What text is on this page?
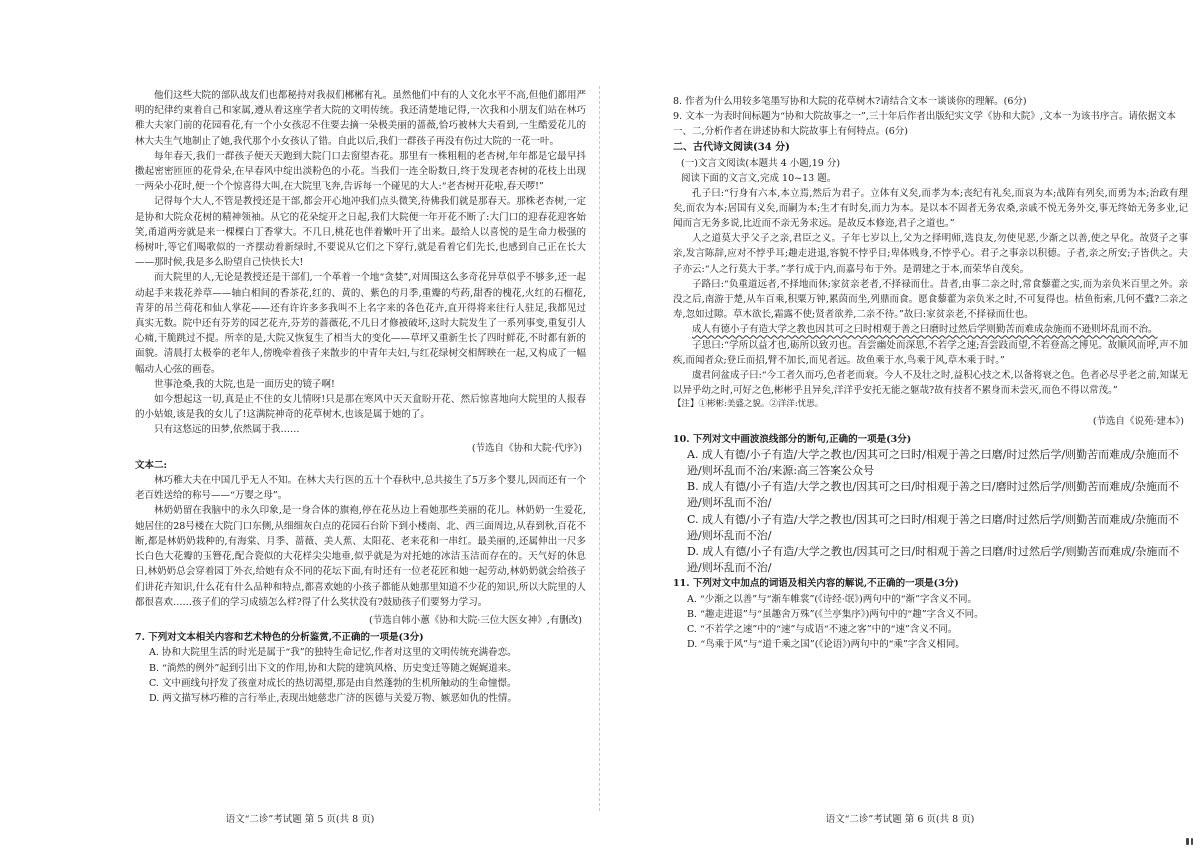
他们这些大院的部队战友们也都秘持对我叔们郴郴有礼。虽然他们中有的人文化水平不高,但他们都用严明的纪律约束着自己和家属,遵从着这座学者大院的文明传统。我还清楚地记得,一次我和小朋友们站在林巧稚大夫家门前的花园看花,有一个小女孩忍不住要去摘一朵极美丽的蔷薇,恰巧被林大夫看到,一生酷爱花儿的林大夫生气地制止了她,我代那个小女孩认了错。自此以后,我们一群孩子再没有伤过大院的一花一叶。

每年春天,我们一群孩子便天天跑到大院门口去窗望杏花。那里有一株粗粗的老杏树,年年都是它最早抖擞起密密匝匝的花骨朵,在早春风中绽出淡粉色的小花。当我们一连全盼数日,终于发现老杏树的花枝上出现一两朵小花时,便一个个惊喜得大叫,在大院里飞奔,告诉每一个碰见的大人:“老杏树开花啦,春天啰!”

记得每个大人,不管是教授还是干部,都会开心地冲我们点头微笑,待佛我们就是那春天。那株老杏树,一定是协和大院众花树的精神领袖。从它的花朵绽开之日起,我们大院便一年开花不断了:大门口的迎春花迎客始笑,甬道两旁就是来一棵棵白丁香掌大。不几日,桃花也伴着嫩叶开了出来。最给人以喜悦的是生命力极强的杨树叶,等它们喝歌似的一齐摆动着新绿时,不要说从它们之下穿行,就是看着它们先长,也感到自己正在长大——那时候,我是多么盼望自己快快长大!

而大院里的人,无论是教授还是干部们,一个革着一个地“贪婪”,对周围这么多奇花异草似乎不够多,还一起动起手来栽花养草——轴白相间的香茶花,红的、黄的、紫色的月季,重瓣的芍药,甜香的槐花,火红的石榴花,青芽的吊兰荷花和仙人掌花——还有许许多多我叫不上名字来的各色花卉,直开得将来往行人驻足,我都见过真实无数。院中还有芬芳的园艺花卉,芬芳的蔷薇花,不几日才修被破坏,这时大院发生了一系列事变,重复引人心痛,干脆跳过不提。所幸的是,大院又恢复生了相当大的变化——草坪又重新生长了四时鲜花,不时都有新的面貌。清晨打太极拳的老年人,傍晚牵着孩子来散步的中青年夫妇,与红花绿树交相辉映在一起,又构成了一幅幅动人心弦的画卷。

世事沧桑,我的大院,也是一面历史的镜子啊!

如今想起这一切,真是止不住的女儿情呀!只是那在寒风中天天盒盼开花、然后惊喜地向大院里的人报春的小姑娘,该是我的女儿了!这满院神奇的花草树木,也该是属于她的了。

只有这悠远的田梦,依然属于我……

(节选自《协和大院·代序》)
文本二:

林巧稚大夫在中国几乎无人不知。在林大夫行医的五十个春秋中,总共接生了5万多个婴儿,因而还有一个老百姓送给的称号——“万婴之母”。

林奶奶留在我脑中的永久印象,是一身合体的旗袍,停在花丛边上看她那些美丽的花儿。林奶奶一生爱花,她居住的28号楼在大院门口东侧,从细细灰白点的花园石台阶下到小楼南、北、西三面周边,从春到秋,百花不断,都是林奶奶栽种的,有海棠、月季、蔷薇、美人蕉、太阳花、老来花和一串红。最美丽的,还属伸出一尺多长白色大花瓣的玉簪花,配合瓷似的大花样尖尖地垂,似乎就是为对托她的冰洁玉洁而存在的。天气好的休息日,林奶奶总会穿着园丁外衣,给她有众不同的花坛下面,有时还有一位老花匠和她一起劳动,林奶奶就会给孩子们讲花卉知识,什么花有什么品种和特点,都喜欢她的小孩子都能从她那里知道不少花的知识,所以大院里的人都很喜欢……孩子们的学习成绩怎么样?得了什么奖状没有?鼓励孩子们要努力学习。

(节选自韩小蕙《协和大院·三位大医女神》,有删改)
7. 下列对文本相关内容和艺术特色的分析鉴赏,不正确的一项是(3分)
A. 协和大院里生活的时光是属于“我”的独特生命记忆,作者对这里的文明传统充满眷恋。
B. “淌然的例外”起到引出下文的作用,协和大院的建筑风格、历史变迁等随之娓娓道来。
C. 文中画线句抒发了孩童对成长的热切渴望,那是由自然蓬勃的生机所触动的生命憧憬。
D. 两文描写林巧稚的言行举止,表现出她慈悲广济的医德与关爱万物、嫉恶如仇的性情。
语文“二诊”考试题 第 5 页(共 8 页)
8. 作者为什么用较多笔墨写协和大院的花草树木?请结合文本一谈谈你的理解。(6分)
9. 文本一为表时间标题为“协和大院故事之一”,三十年后作者出版纪实文学《协和大院》,文本一为该书序言。请依据文本一、二,分析作者在讲述协和大院故事上有何特点。(6分)
二、古代诗文阅读(34 分)
(一)文言文阅读(本题共 4 小题,19 分)
阅读下面的文言文,完成 10~13 题。

孔子曰:“行身有六本,本立焉,然后为君子。立体有义矣,而孝为本;丧纪有礼矣,而哀为本;战阵有列矣,而勇为本;治政有理矣,而农为本;居国有义矣,而嗣为本;生才有时矣,而力为本。是以本不固者无务农桑,亲戚不悦无务外交,事无终始无务多业,记闻而言无务多说,比近而不亲无务求远。是故反本修迩,君子之道也。”

人之道莫大乎父子之亲,君臣之义。子年七岁以上,父为之择明师,选良友,勿使见恶,少渐之以善,使之早化。故贤子之事亲,发言陈辞,应对不悖乎耳;趣走进退,容貌不悖乎目;卑体贱身,不悖乎心。君子之事亲以积德。子者,亲之所安;子皆供之。夫子亦云:“人之行莫大于孝。”孝行成于内,而嘉号布于外。是谓建之于本,而荣华自茂矣。

子路曰:“负重道远者,不择地而休;家贫亲老者,不择禄而仕。昔者,由事二亲之时,常食藜藿之实,而为亲负米百里之外。亲没之后,南游于楚,从车百乘,积粟万钟,累茵而坐,列鼎而食。愿食藜藿为亲负米之时,不可复得也。枯鱼衔索,几何不蠹?二亲之寿,忽如过隙。草木欲长,霜露不使;贤者欲养,二亲不待。”故曰:家贫亲老,不择禄而仕也。

成人有德小子有造大学之教也因其可之曰时相观于善之曰磨时过然后学则勤苦而难成杂施而不逊则坏乱而不治。

子思曰:“学所以益才也,砺所以致刃也。吾尝幽处而深思,不若学之速;吾尝跂而望,不若登高之博见。故顺风而呼,声不加疾,而闻者众;登丘而招,臂不加长,而见者远。故鱼乘于水,鸟乘于风,草木乘于时。”

虞君问盆成子曰:“今工者久而巧,色者老而衰。今人不及壮之时,益积心技之术,以备将衰之色。色者必尽乎老之前,知谋无以异乎幼之时,可好之色,彬彬乎且异矣,洋洋乎安托无能之躯哉?故有技者不累身而未尝灭,而色不得以常茂。”

【注】①彬彬:美盛之貌。②洋洋:忧思。
(节选自《说苑·建本》)
10. 下列对文中画波浪线部分的断句,正确的一项是(3分)
A. 成人有德/小子有造/大学之教也/因其可之曰时/相观于善之曰磨/时过然后学/则勤苦而难成/杂施而不逊/则坏乱而不治/来源:高三答案公众号
B. 成人有德/小子有造/大学之教也/因其可之曰/时相观于善之曰/磨时过然后学/则勤苦而难成/杂施而不逊/则坏乱而不治/
C. 成人有德/小子有造/大学之教也/因其可之曰时/相观于善之曰磨/时过然后学/则勤苦而难成/杂施而不逊/则坏乱而不治/
D. 成人有德/小子有造/大学之教也/因其可之曰/时相观于善之曰磨/时过然后学/则勤苦而难成/杂施而不逊/则坏乱而不治/
11. 下列对文中加点的词语及相关内容的解说,不正确的一项是(3分)
A. “少渐之以善”与“渐车帷裳”(《诗经·氓》)两句中的“渐”字含义不同。
B. “趣走进退”与“虽趣舍万殊”(《兰亭集序》)两句中的“趣”字含义不同。
C. “不若学之速”中的“速”与成语“不速之客”中的“速”含义不同。
D. “鸟乘于风”与“道千乘之国”(《论语》)两句中的“乘”字含义相同。
语文“二诊”考试题 第 6 页(共 8 页)
